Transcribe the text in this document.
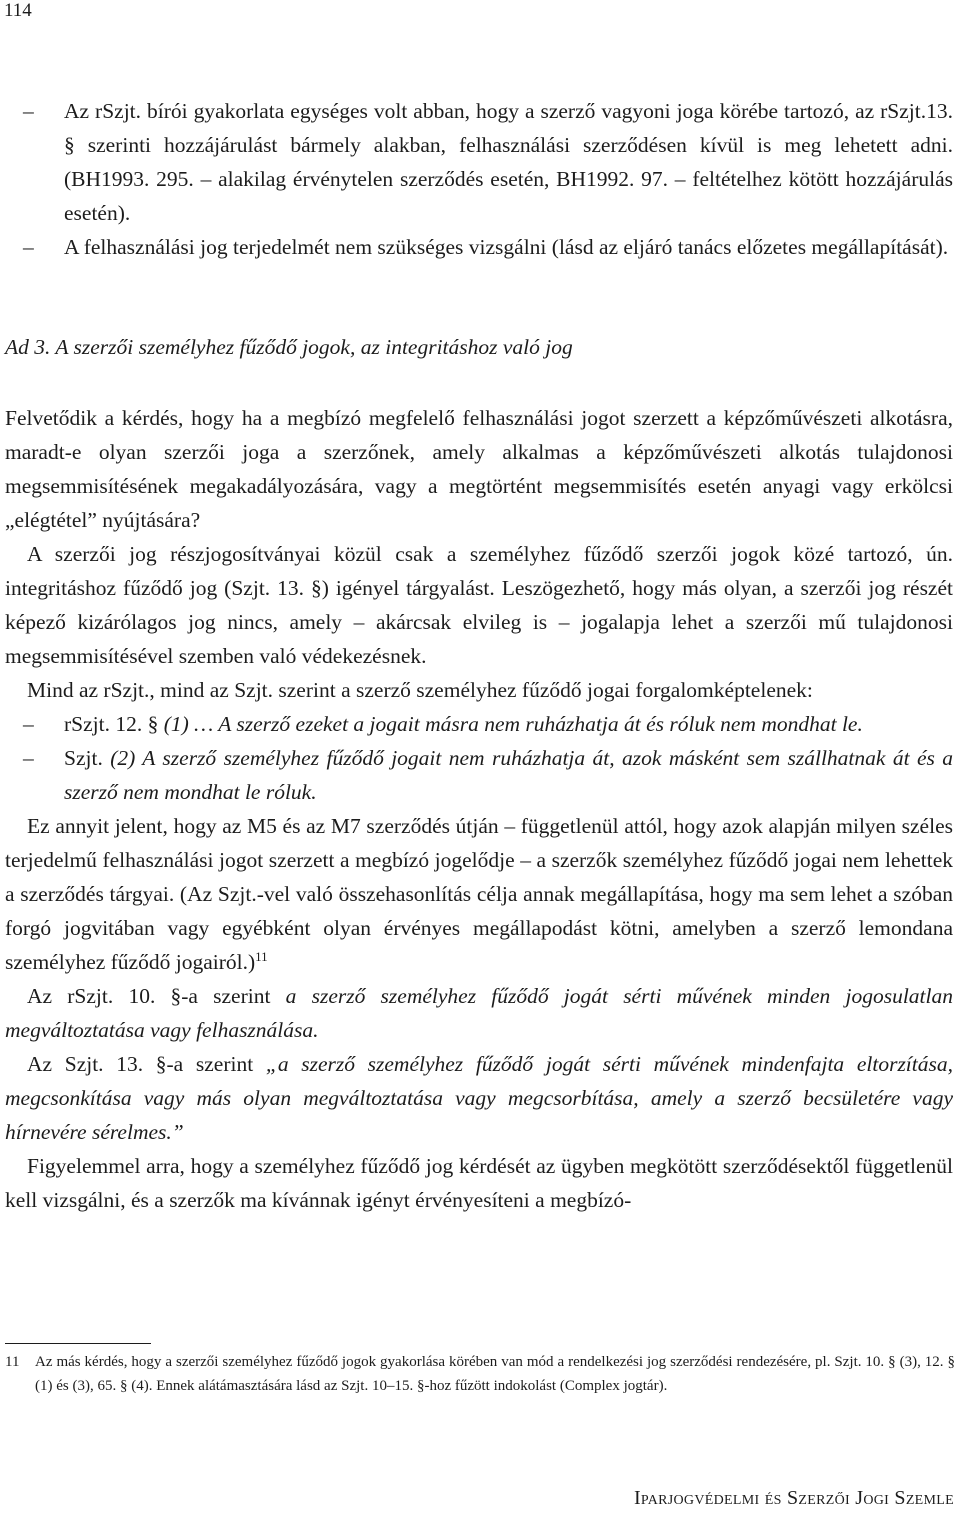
114
– Az rSzjt. bírói gyakorlata egységes volt abban, hogy a szerző vagyoni joga körébe tartozó, az rSzjt.13. § szerinti hozzájárulást bármely alakban, felhasználási szerződésen kívül is meg lehetett adni. (BH1993. 295. – alakilag érvénytelen szerződés esetén, BH1992. 97. – feltételhez kötött hozzájárulás esetén).
– A felhasználási jog terjedelmét nem szükséges vizsgálni (lásd az eljáró tanács előzetes megállapítását).
Ad 3. A szerzői személyhez fűződő jogok, az integritáshoz való jog

Felvetődik a kérdés, hogy ha a megbízó megfelelő felhasználási jogot szerzett a képzőművészeti alkotásra, maradt-e olyan szerzői joga a szerzőnek, amely alkalmas a képzőművészeti alkotás tulajdonosi megsemmisítésének megakadályozására, vagy a megtörtént megsemmisítés esetén anyagi vagy erkölcsi „elégtétel” nyújtására?

A szerzői jog részjogosítványai közül csak a személyhez fűződő szerzői jogok közé tartozó, ún. integritáshoz fűződő jog (Szjt. 13. §) igényel tárgyalást. Leszögezhető, hogy más olyan, a szerzői jog részét képező kizárólagos jog nincs, amely – akárcsak elvileg is – jogalapja lehet a szerzői mű tulajdonosi megsemmisítésével szemben való védekezésnek.

Mind az rSzjt., mind az Szjt. szerint a szerző személyhez fűződő jogai forgalomképtelenek:

– rSzjt. 12. § (1) … A szerző ezeket a jogait másra nem ruházhatja át és róluk nem mondhat le.
– Szjt. (2) A szerző személyhez fűződő jogait nem ruházhatja át, azok másként sem szállhatnak át és a szerző nem mondhat le róluk.

Ez annyit jelent, hogy az M5 és az M7 szerződés útján – függetlenül attól, hogy azok alapján milyen széles terjedelmű felhasználási jogot szerzett a megbízó jogelődje – a szerzők személyhez fűződő jogai nem lehettek a szerződés tárgyai. (Az Szjt.-vel való összehasonlítás célja annak megállapítása, hogy ma sem lehet a szóban forgó jogvitában vagy egyébként olyan érvényes megállapodást kötni, amelyben a szerző lemondana személyhez fűződő jogairól.)$^{11}$

Az rSzjt. 10. §-a szerint a szerző személyhez fűződő jogát sérti művének minden jogosulatlan megváltoztatása vagy felhasználása.

Az Szjt. 13. §-a szerint „a szerző személyhez fűződő jogát sérti művének mindenfajta eltorzítása, megcsonkítása vagy más olyan megváltoztatása vagy megcsorbítása, amely a szerző becsületére vagy hírnevére sérelmes.”

Figyelemmel arra, hogy a személyhez fűződő jog kérdését az ügyben megkötött szerződésektől függetlenül kell vizsgálni, és a szerzők ma kívánnak igényt érvényesíteni a megbízó-

11 Az más kérdés, hogy a szerzői személyhez fűződő jogok gyakorlása körében van mód a rendelkezési jog szerződési rendezésére, pl. Szjt. 10. § (3), 12. § (1) és (3), 65. § (4). Ennek alátámasztására lásd az Szjt. 10–15. §-hoz fűzött indokolást (Complex jogtár).
Iparjogvédelmi és Szerzői Jogi Szemle
